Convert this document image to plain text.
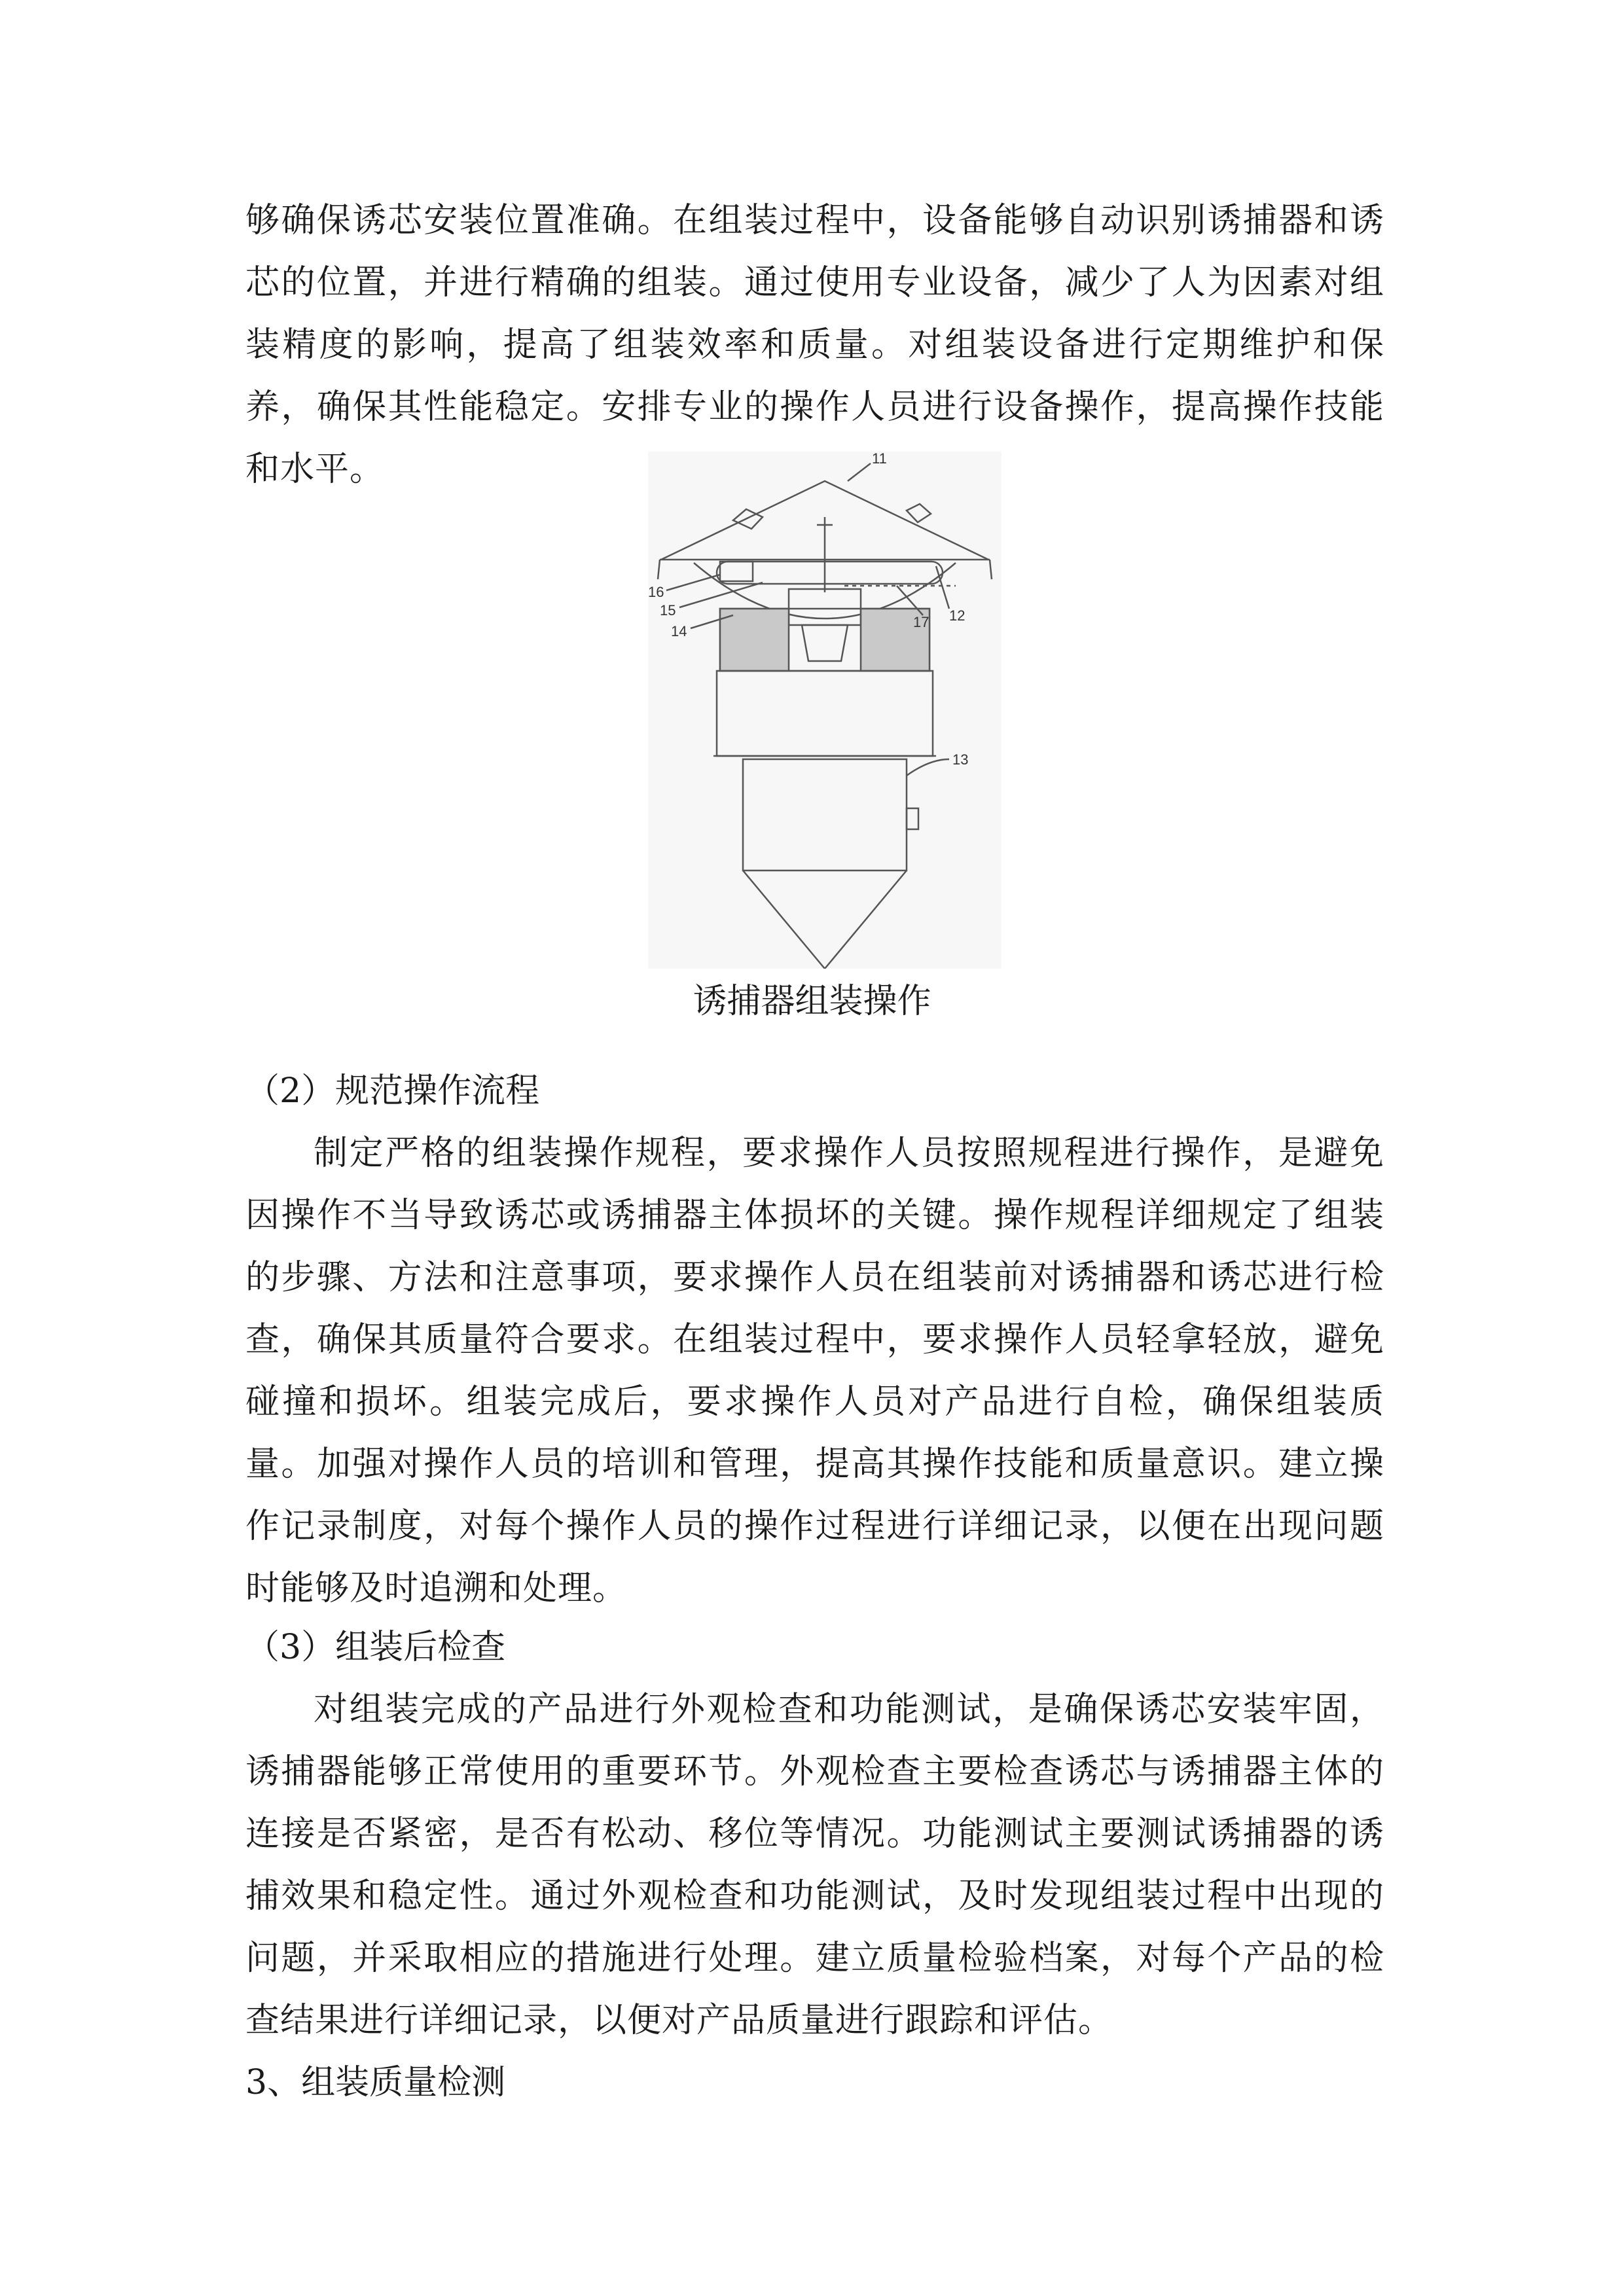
够确保诱芯安装位置准确。在组装过程中，设备能够自动识别诱捕器和诱芯的位置，并进行精确的组装。通过使用专业设备，减少了人为因素对组装精度的影响，提高了组装效率和质量。对组装设备进行定期维护和保养，确保其性能稳定。安排专业的操作人员进行设备操作，提高操作技能和水平。	11
16
15
14
17 12
13

诱捕器组装操作

（2）规范操作流程

制定严格的组装操作规程，要求操作人员按照规程进行操作，是避免因操作不当导致诱芯或诱捕器主体损坏的关键。操作规程详细规定了组装的步骤、方法和注意事项，要求操作人员在组装前对诱捕器和诱芯进行检查，确保其质量符合要求。在组装过程中，要求操作人员轻拿轻放，避免碰撞和损坏。组装完成后，要求操作人员对产品进行自检，确保组装质量。加强对操作人员的培训和管理，提高其操作技能和质量意识。建立操作记录制度，对每个操作人员的操作过程进行详细记录，以便在出现问题时能够及时追溯和处理。

（3）组装后检查

对组装完成的产品进行外观检查和功能测试，是确保诱芯安装牢固，诱捕器能够正常使用的重要环节。外观检查主要检查诱芯与诱捕器主体的连接是否紧密，是否有松动、移位等情况。功能测试主要测试诱捕器的诱捕效果和稳定性。通过外观检查和功能测试，及时发现组装过程中出现的问题，并采取相应的措施进行处理。建立质量检验档案，对每个产品的检查结果进行详细记录，以便对产品质量进行跟踪和评估。

3、组装质量检测
